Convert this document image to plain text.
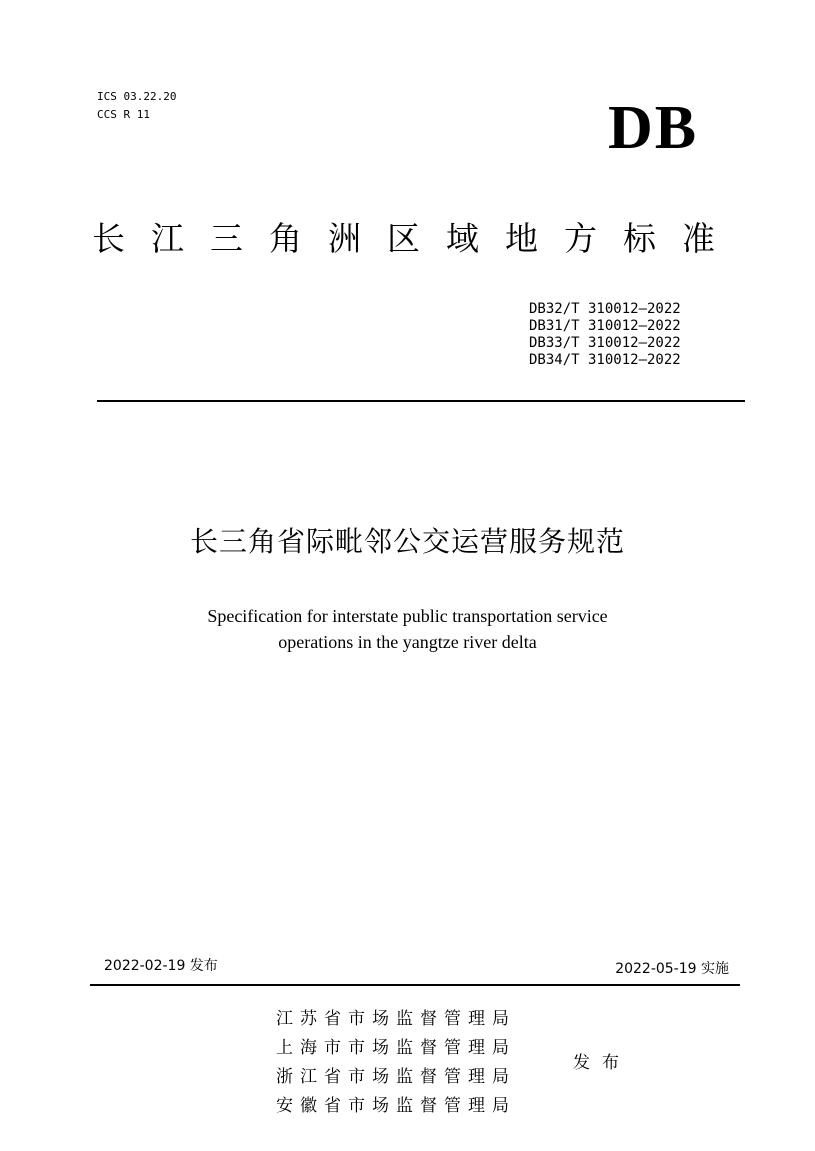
ICS 03.22.20
CCS R 11	DB
长江三角洲区域地方标准
DB32/T 310012—2022
DB31/T 310012—2022
DB33/T 310012—2022
DB34/T 310012—2022
长三角省际毗邻公交运营服务规范
Specification for interstate public transportation service
operations in the yangtze river delta
2022-02-19 发布	2022-05-19 实施
江苏省市场监督管理局
上海市市场监督管理局
浙江省市场监督管理局
安徽省市场监督管理局
发布
